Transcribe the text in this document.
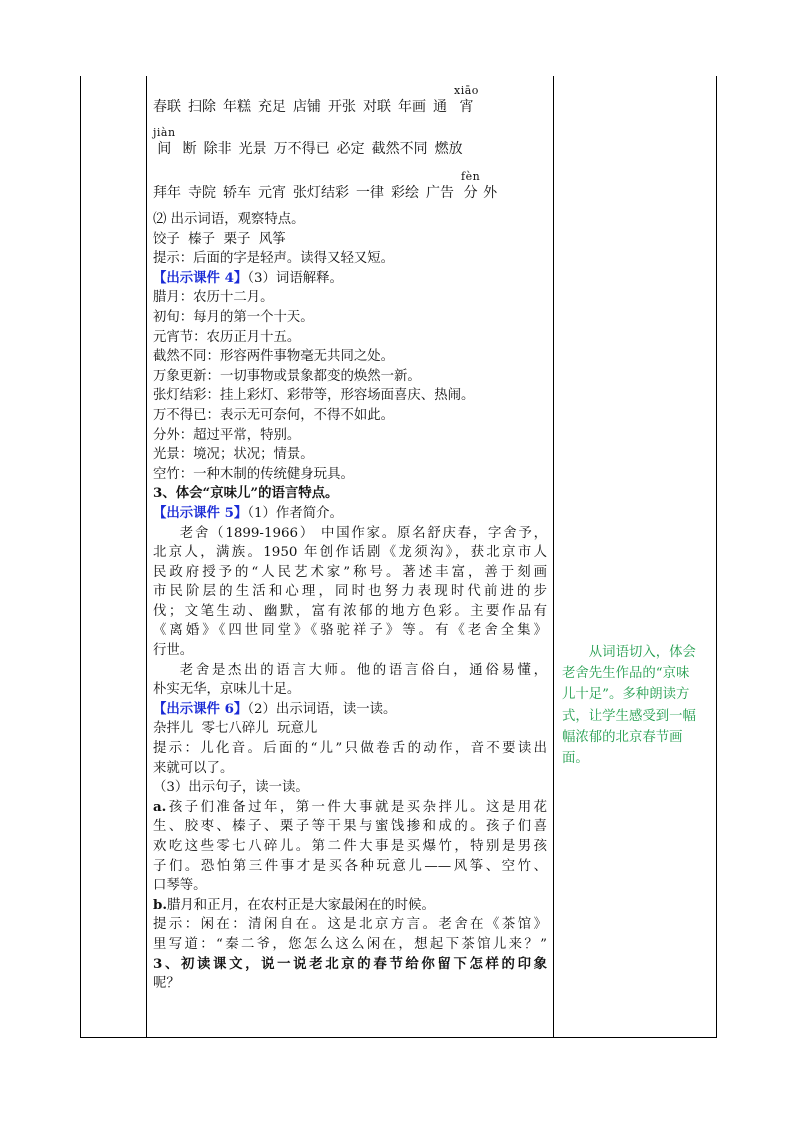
xiāo
宵
春联 扫除 年糕 充足 店铺 开张 对联 年画 通
jiàn
间 断 除非 光景 万不得已 必定 截然不同 燃放
fèn
分 外
拜年 寺院 轿车 元宵 张灯结彩 一律 彩绘 广告
⑵ 出示词语，观察特点。
饺子  榛子  栗子  风筝
提示：后面的字是轻声。读得又轻又短。
【出示课件 4】（3）词语解释。
腊月：农历十二月。
初旬：每月的第一个十天。
元宵节：农历正月十五。
截然不同：形容两件事物毫无共同之处。
万象更新：一切事物或景象都变的焕然一新。
张灯结彩：挂上彩灯、彩带等，形容场面喜庆、热闹。
万不得已：表示无可奈何，不得不如此。
分外：超过平常，特别。
光景：境况；状况；情景。
空竹：一种木制的传统健身玩具。
3、体会“京味儿”的语言特点。
【出示课件 5】（1）作者简介。
老舍（1899-1966） 中国作家。原名舒庆春，字舍予，
北京人，满族。1950 年创作话剧《龙须沟》，获北京市人
民政府授予的“人民艺术家”称号。著述丰富，善于刻画
市民阶层的生活和心理，同时也努力表现时代前进的步
伐；文笔生动、幽默，富有浓郁的地方色彩。主要作品有
《离婚》《四世同堂》《骆驼祥子》等。有《老舍全集》
行世。
老舍是杰出的语言大师。他的语言俗白，通俗易懂，
朴实无华，京味儿十足。
【出示课件 6】（2）出示词语，读一读。
杂拌儿  零七八碎儿  玩意儿
提示：儿化音。后面的“儿”只做卷舌的动作，音不要读出
来就可以了。
（3）出示句子，读一读。
a.孩子们准备过年，第一件大事就是买杂拌儿。这是用花
生、胶枣、榛子、栗子等干果与蜜饯掺和成的。孩子们喜
欢吃这些零七八碎儿。第二件大事是买爆竹，特别是男孩
子们。恐怕第三件事才是买各种玩意儿——风筝、空竹、
口琴等。
b.腊月和正月，在农村正是大家最闲在的时候。
提示：闲在：清闲自在。这是北京方言。老舍在《茶馆》
里写道：“秦二爷，您怎么这么闲在，想起下茶馆儿来？”
3、初读课文，说一说老北京的春节给你留下怎样的印象
呢？
从词语切入，体会
老舍先生作品的“京味
儿十足”。多种朗读方
式，让学生感受到一幅
幅浓郁的北京春节画
面。
